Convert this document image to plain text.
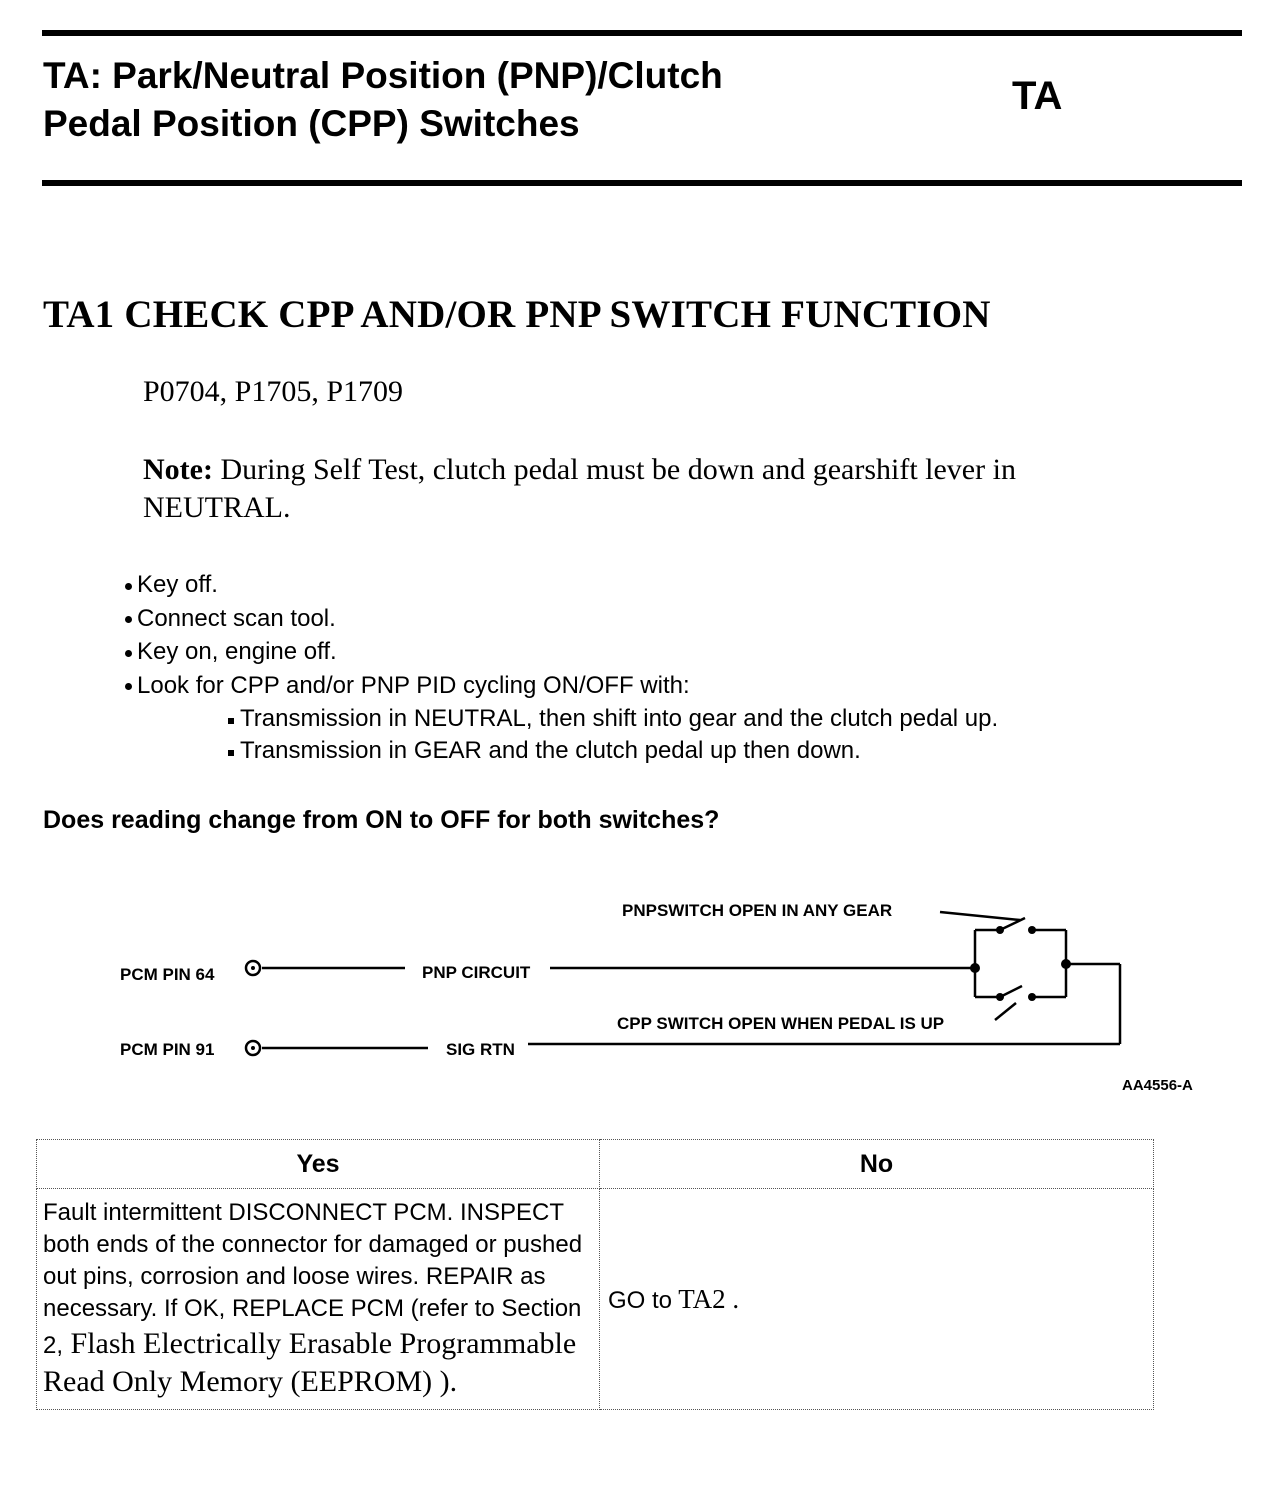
TA: Park/Neutral Position (PNP)/Clutch
Pedal Position (CPP) Switches
TA
TA1 CHECK CPP AND/OR PNP SWITCH FUNCTION
P0704, P1705, P1709
Note: During Self Test, clutch pedal must be down and gearshift lever in NEUTRAL.
Key off.
Connect scan tool.
Key on, engine off.
Look for CPP and/or PNP PID cycling ON/OFF with:
Transmission in NEUTRAL, then shift into gear and the clutch pedal up.
Transmission in GEAR and the clutch pedal up then down.
Does reading change from ON to OFF for both switches?
PNPSWITCH OPEN IN ANY GEAR
PCM PIN 64	PNP CIRCUIT
CPP SWITCH OPEN WHEN PEDAL IS UP
PCM PIN 91	SIG RTN
AA4556-A
Yes	No
Fault intermittent DISCONNECT PCM. INSPECT both ends of the connector for damaged or pushed out pins, corrosion and loose wires. REPAIR as necessary. If OK, REPLACE PCM (refer to Section 2, Flash Electrically Erasable Programmable Read Only Memory (EEPROM) ).	GO to TA2 .
